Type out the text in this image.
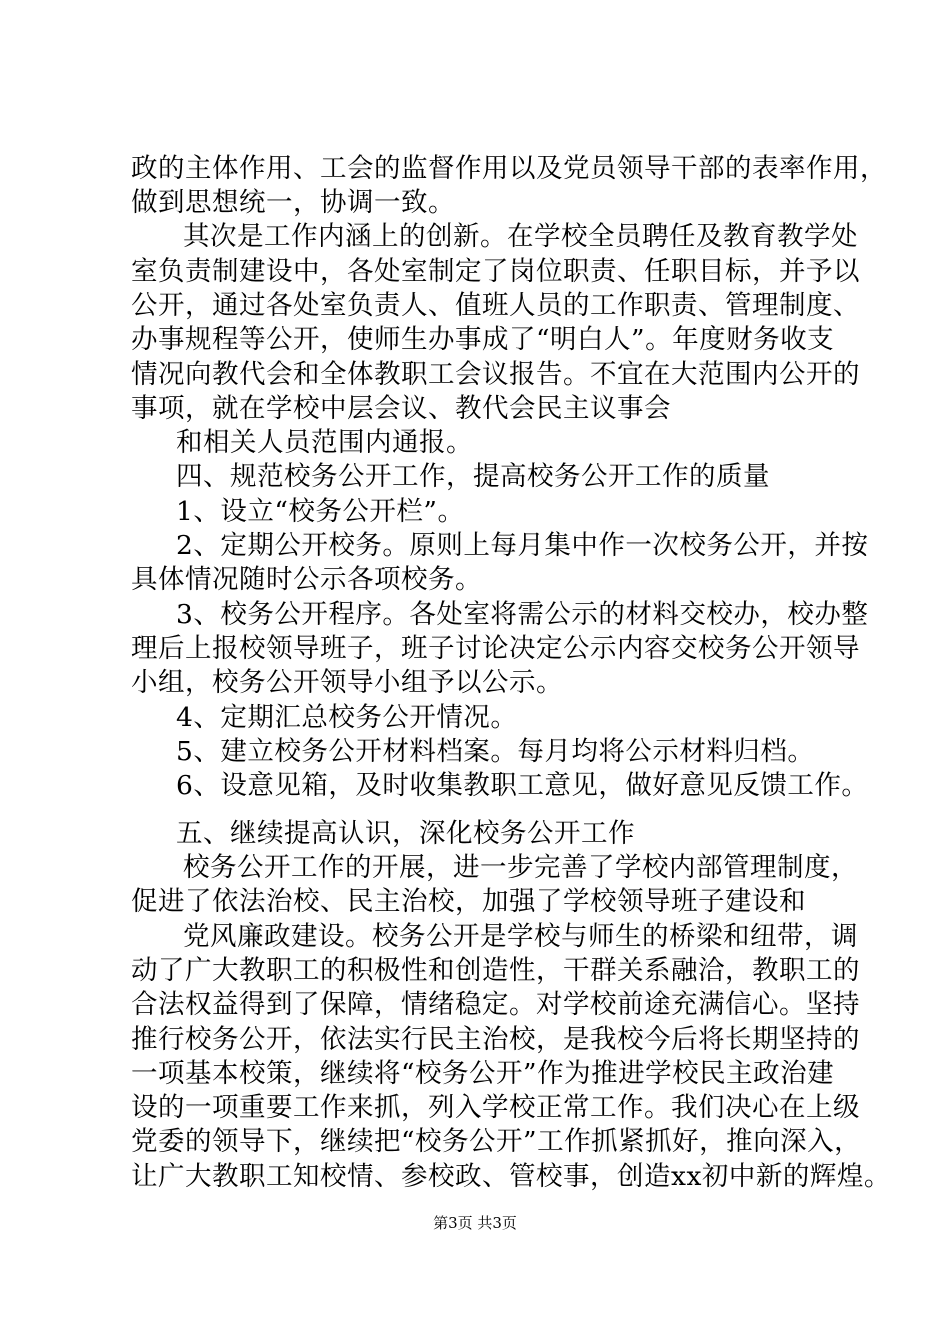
政的主体作用、工会的监督作用以及党员领导干部的表率作用，
做到思想统一，协调一致。
其次是工作内涵上的创新。在学校全员聘任及教育教学处
室负责制建设中，各处室制定了岗位职责、任职目标，并予以
公开，通过各处室负责人、值班人员的工作职责、管理制度、
办事规程等公开，使师生办事成了“明白人”。年度财务收支
情况向教代会和全体教职工会议报告。不宜在大范围内公开的
事项，就在学校中层会议、教代会民主议事会
和相关人员范围内通报。
四、规范校务公开工作，提高校务公开工作的质量
1、设立“校务公开栏”。
2、定期公开校务。原则上每月集中作一次校务公开，并按
具体情况随时公示各项校务。
3、校务公开程序。各处室将需公示的材料交校办，校办整
理后上报校领导班子，班子讨论决定公示内容交校务公开领导
小组，校务公开领导小组予以公示。
4、定期汇总校务公开情况。
5、建立校务公开材料档案。每月均将公示材料归档。
6、设意见箱，及时收集教职工意见，做好意见反馈工作。
五、继续提高认识，深化校务公开工作
校务公开工作的开展，进一步完善了学校内部管理制度，
促进了依法治校、民主治校，加强了学校领导班子建设和
党风廉政建设。校务公开是学校与师生的桥梁和纽带，调
动了广大教职工的积极性和创造性，干群关系融洽，教职工的
合法权益得到了保障，情绪稳定。对学校前途充满信心。坚持
推行校务公开，依法实行民主治校，是我校今后将长期坚持的
一项基本校策，继续将“校务公开”作为推进学校民主政治建
设的一项重要工作来抓，列入学校正常工作。我们决心在上级
党委的领导下，继续把“校务公开”工作抓紧抓好，推向深入，
让广大教职工知校情、参校政、管校事，创造xx初中新的辉煌。
第3页 共3页
